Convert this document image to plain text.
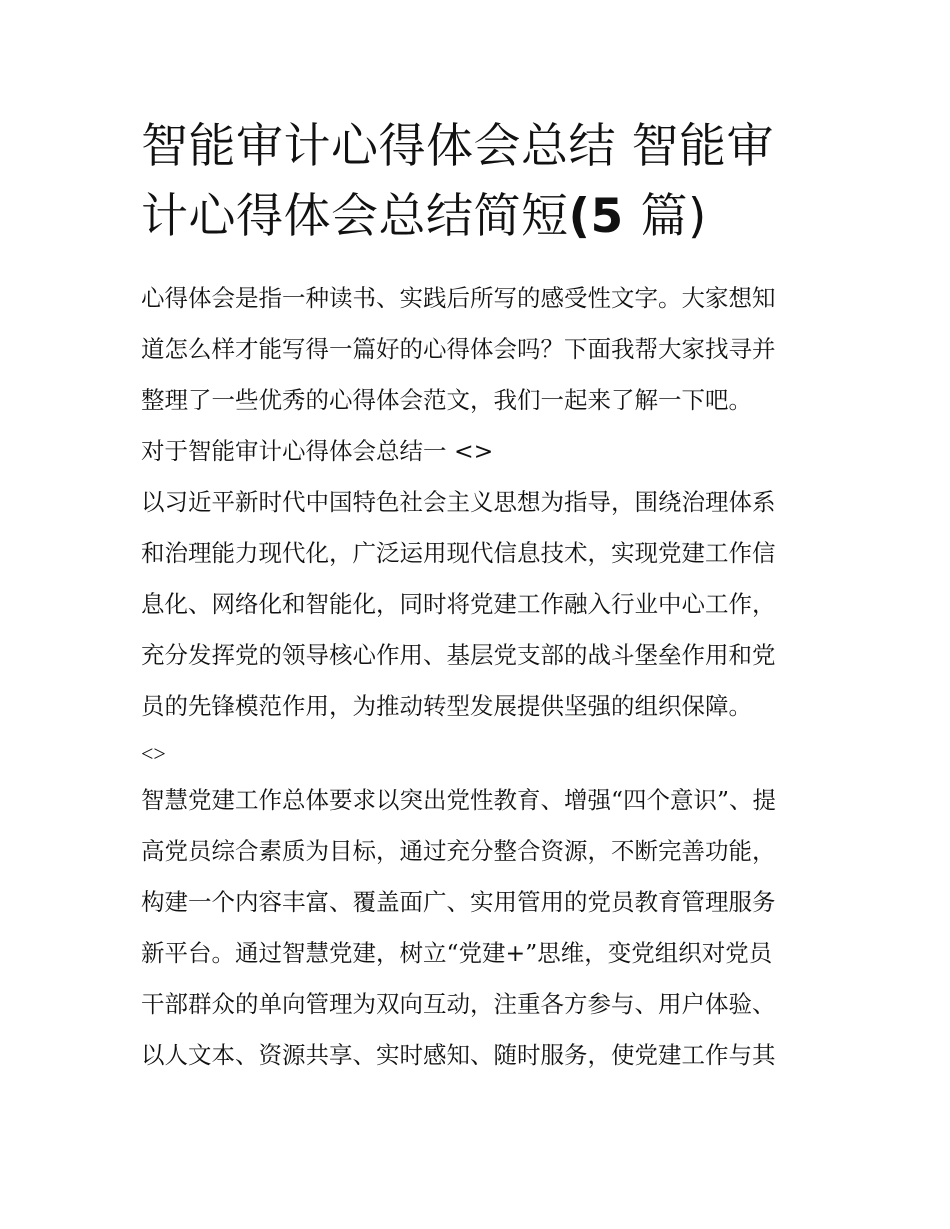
智能审计心得体会总结 智能审
计心得体会总结简短(5 篇)
心得体会是指一种读书、实践后所写的感受性文字。大家想知
道怎么样才能写得一篇好的心得体会吗？下面我帮大家找寻并
整理了一些优秀的心得体会范文，我们一起来了解一下吧。
对于智能审计心得体会总结一 <>
以习近平新时代中国特色社会主义思想为指导，围绕治理体系
和治理能力现代化，广泛运用现代信息技术，实现党建工作信
息化、网络化和智能化，同时将党建工作融入行业中心工作，
充分发挥党的领导核心作用、基层党支部的战斗堡垒作用和党
员的先锋模范作用，为推动转型发展提供坚强的组织保障。
<>
智慧党建工作总体要求以突出党性教育、增强“四个意识”、提
高党员综合素质为目标，通过充分整合资源，不断完善功能，
构建一个内容丰富、覆盖面广、实用管用的党员教育管理服务
新平台。通过智慧党建，树立“党建+”思维，变党组织对党员
干部群众的单向管理为双向互动，注重各方参与、用户体验、
以人文本、资源共享、实时感知、随时服务，使党建工作与其
